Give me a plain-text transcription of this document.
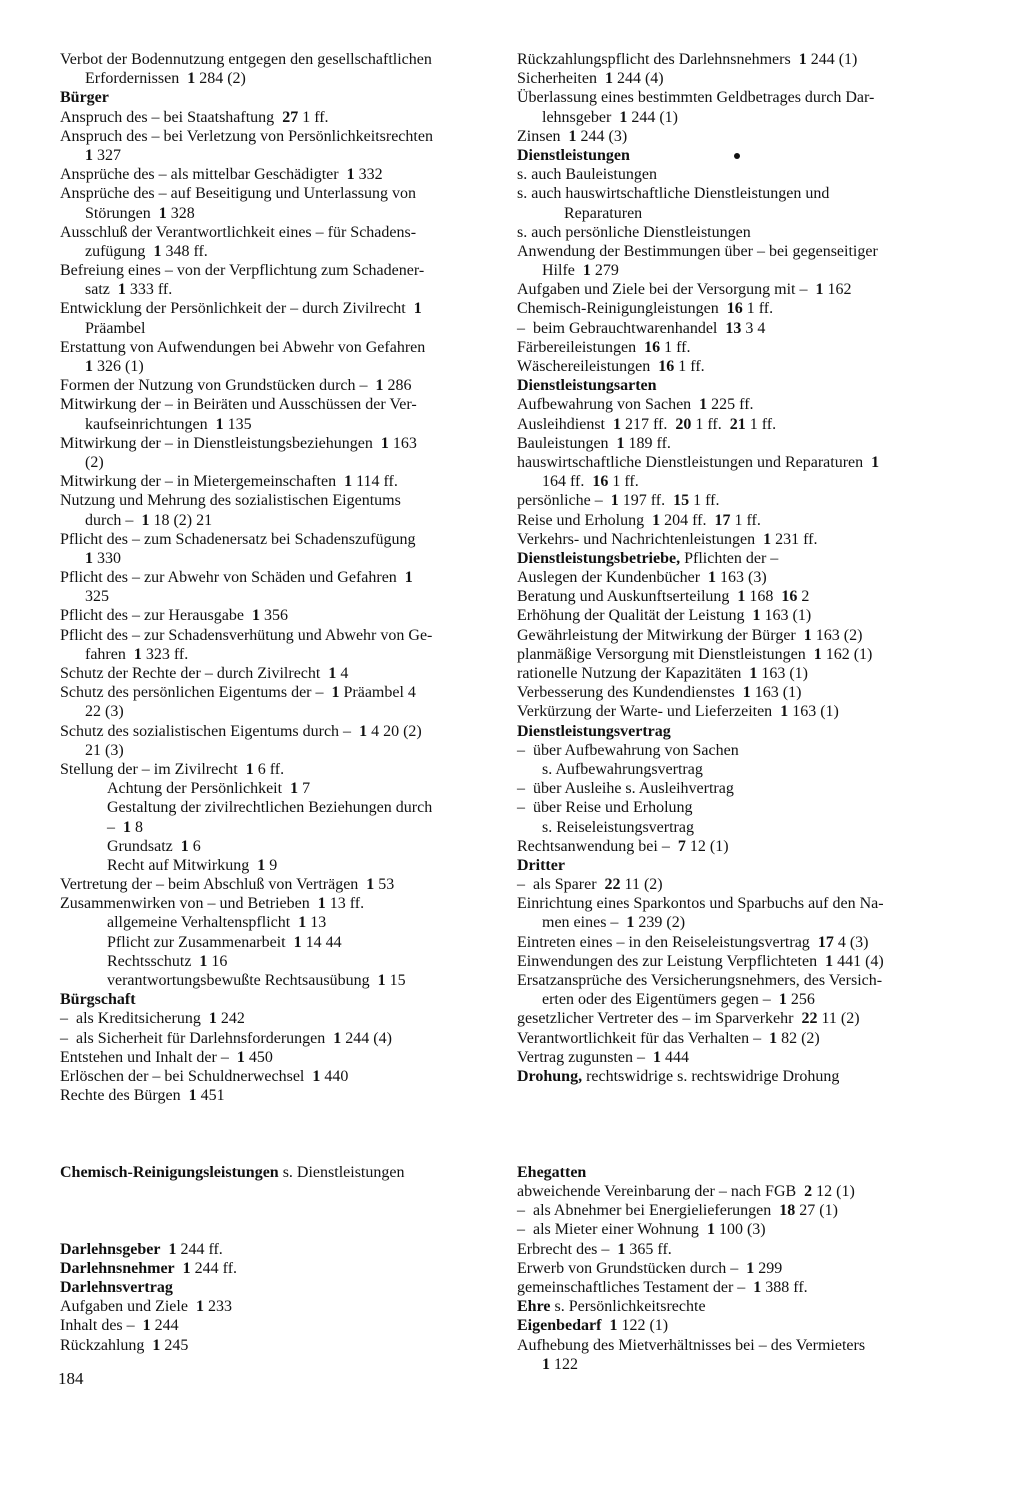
Verbot der Bodennutzung entgegen den gesellschaftlichen
Erfordernissen  1 284 (2)
Bürger
Anspruch des – bei Staatshaftung  27 1 ff.
Anspruch des – bei Verletzung von Persönlichkeitsrechten
1 327
Ansprüche des – als mittelbar Geschädigter  1 332
Ansprüche des – auf Beseitigung und Unterlassung von
Störungen  1 328
Ausschluß der Verantwortlichkeit eines – für Schadens-
zufügung  1 348 ff.
Befreiung eines – von der Verpflichtung zum Schadener-
satz  1 333 ff.
Entwicklung der Persönlichkeit der – durch Zivilrecht  1
Präambel
Erstattung von Aufwendungen bei Abwehr von Gefahren
1 326 (1)
Formen der Nutzung von Grundstücken durch –  1 286
Mitwirkung der – in Beiräten und Ausschüssen der Ver-
kaufseinrichtungen  1 135
Mitwirkung der – in Dienstleistungsbeziehungen  1 163
(2)
Mitwirkung der – in Mietergemeinschaften  1 114 ff.
Nutzung und Mehrung des sozialistischen Eigentums
durch –  1 18 (2) 21
Pflicht des – zum Schadenersatz bei Schadenszufügung
1 330
Pflicht des – zur Abwehr von Schäden und Gefahren  1
325
Pflicht des – zur Herausgabe  1 356
Pflicht des – zur Schadensverhütung und Abwehr von Ge-
fahren  1 323 ff.
Schutz der Rechte der – durch Zivilrecht  1 4
Schutz des persönlichen Eigentums der –  1 Präambel 4
22 (3)
Schutz des sozialistischen Eigentums durch –  1 4 20 (2)
21 (3)
Stellung der – im Zivilrecht  1 6 ff.
Achtung der Persönlichkeit  1 7
Gestaltung der zivilrechtlichen Beziehungen durch
–  1 8
Grundsatz  1 6
Recht auf Mitwirkung  1 9
Vertretung der – beim Abschluß von Verträgen  1 53
Zusammenwirken von – und Betrieben  1 13 ff.
allgemeine Verhaltenspflicht  1 13
Pflicht zur Zusammenarbeit  1 14 44
Rechtsschutz  1 16
verantwortungsbewußte Rechtsausübung  1 15
Bürgschaft
–  als Kreditsicherung  1 242
–  als Sicherheit für Darlehnsforderungen  1 244 (4)
Entstehen und Inhalt der –  1 450
Erlöschen der – bei Schuldnerwechsel  1 440
Rechte des Bürgen  1 451
Chemisch-Reinigungsleistungen s. Dienstleistungen
Darlehnsgeber 1 244 ff.
Darlehnsnehmer 1 244 ff.
Darlehnsvertrag
Aufgaben und Ziele  1 233
Inhalt des –  1 244
Rückzahlung  1 245
Rückzahlungspflicht des Darlehnsnehmers  1 244 (1)
Sicherheiten  1 244 (4)
Überlassung eines bestimmten Geldbetrages durch Dar-
lehnsgeber  1 244 (1)
Zinsen  1 244 (3)
Dienstleistungen
s. auch Bauleistungen
s. auch hauswirtschaftliche Dienstleistungen und
Reparaturen
s. auch persönliche Dienstleistungen
Anwendung der Bestimmungen über – bei gegenseitiger
Hilfe  1 279
Aufgaben und Ziele bei der Versorgung mit –  1 162
Chemisch-Reinigungleistungen  16 1 ff.
–  beim Gebrauchtwarenhandel  13 3 4
Färbereileistungen  16 1 ff.
Wäschereileistungen  16 1 ff.
Dienstleistungsarten
Aufbewahrung von Sachen  1 225 ff.
Ausleihdienst  1 217 ff.  20 1 ff.  21 1 ff.
Bauleistungen  1 189 ff.
hauswirtschaftliche Dienstleistungen und Reparaturen  1
164 ff.  16 1 ff.
persönliche –  1 197 ff.  15 1 ff.
Reise und Erholung  1 204 ff.  17 1 ff.
Verkehrs- und Nachrichtenleistungen  1 231 ff.
Dienstleistungsbetriebe, Pflichten der –
Auslegen der Kundenbücher  1 163 (3)
Beratung und Auskunftserteilung  1 168  16 2
Erhöhung der Qualität der Leistung  1 163 (1)
Gewährleistung der Mitwirkung der Bürger  1 163 (2)
planmäßige Versorgung mit Dienstleistungen  1 162 (1)
rationelle Nutzung der Kapazitäten  1 163 (1)
Verbesserung des Kundendienstes  1 163 (1)
Verkürzung der Warte- und Lieferzeiten  1 163 (1)
Dienstleistungsvertrag
–  über Aufbewahrung von Sachen
s. Aufbewahrungsvertrag
–  über Ausleihe s. Ausleihvertrag
–  über Reise und Erholung
s. Reiseleistungsvertrag
Rechtsanwendung bei –  7 12 (1)
Dritter
–  als Sparer  22 11 (2)
Einrichtung eines Sparkontos und Sparbuchs auf den Na-
men eines –  1 239 (2)
Eintreten eines – in den Reiseleistungsvertrag  17 4 (3)
Einwendungen des zur Leistung Verpflichteten  1 441 (4)
Ersatzansprüche des Versicherungsnehmers, des Versich-
erten oder des Eigentümers gegen –  1 256
gesetzlicher Vertreter des – im Sparverkehr  22 11 (2)
Verantwortlichkeit für das Verhalten –  1 82 (2)
Vertrag zugunsten –  1 444
Drohung, rechtswidrige s. rechtswidrige Drohung
Ehegatten
abweichende Vereinbarung der – nach FGB  2 12 (1)
–  als Abnehmer bei Energielieferungen  18 27 (1)
–  als Mieter einer Wohnung  1 100 (3)
Erbrecht des –  1 365 ff.
Erwerb von Grundstücken durch –  1 299
gemeinschaftliches Testament der –  1 388 ff.
Ehre s. Persönlichkeitsrechte
Eigenbedarf 1 122 (1)
Aufhebung des Mietverhältnisses bei – des Vermieters
1 122
184
